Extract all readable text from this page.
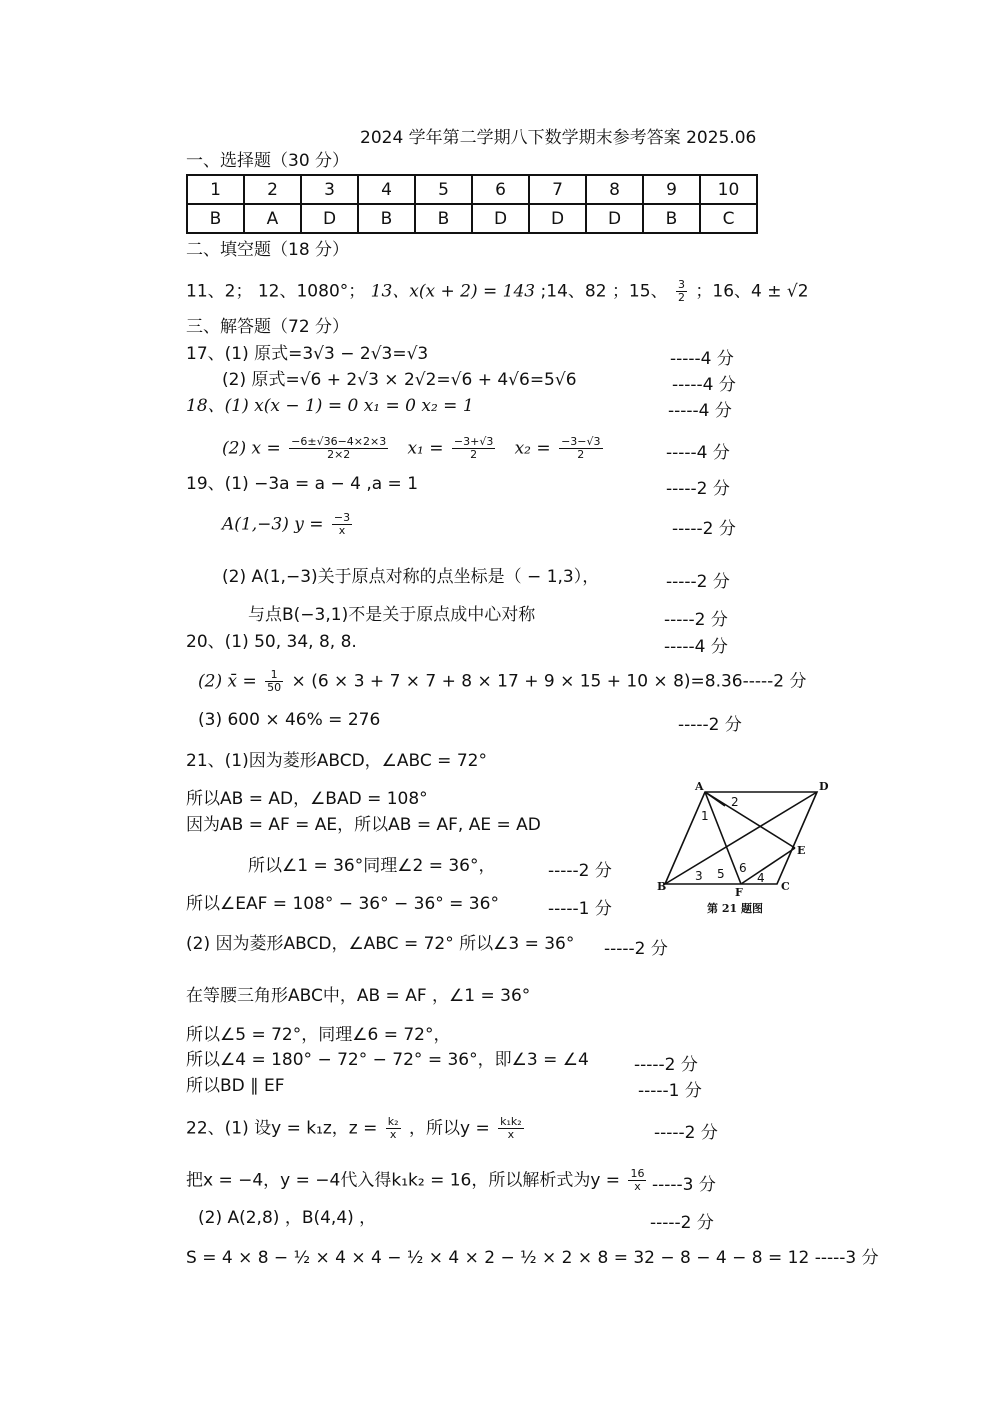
2024 学年第二学期八下数学期末参考答案 2025.06
一、选择题（30 分）
1	2	3	4	5	6	7	8	9	10
B	A	D	B	B	D	D	D	B	C
二、填空题（18 分）
11、2； 12、1080°； 13、x(x + 2) = 143 ;14、82 ；15、 $\frac{3}{2}$ ；16、4 ± √2
三、解答题（72 分）
17、(1) 原式=3√3 − 2√3=√3	-----4 分
(2) 原式=√6 + 2√3 × 2√2=√6 + 4√6=5√6	-----4 分
18、(1) x(x − 1) = 0 x₁ = 0 x₂ = 1	-----4 分
(2) $x = \frac{-6\pm√36-4\times 2\times 3}{2\times 2} x_1 = \frac{-3+√3}{2} x_2 = \frac{-3-√3}{2}$	-----4 分
19、(1) −3a = a − 4 ,a = 1	-----2 分
A(1,−3) $y = \frac{-3}{x}$	-----2 分
(2) A(1,−3)关于原点对称的点坐标是（ − 1,3），	-----2 分
与点B(−3,1)不是关于原点成中心对称	-----2 分
20、(1) 50, 34, 8, 8.	-----4 分
(2) x̄ = $\frac{1}{50} \times (6 \times 3 + 7 \times 7 + 8 \times 17 + 9 \times 15 + 10 \times 8)=8.36-----2$ 分
(3) 600 × 46% = 276	-----2 分
21、(1)因为菱形ABCD，∠ABC = 72°
所以AB = AD，∠BAD = 108°
因为AB = AF = AE，所以AB = AF, AE = AD
所以∠1 = 36°同理∠2 = 36°，	-----2 分
所以∠EAF = 108° − 36° − 36° = 36°	-----1 分
(2) 因为菱形ABCD，∠ABC = 72° 所以∠3 = 36° -----2 分
在等腰三角形ABC中，AB = AF ，∠1 = 36°
所以∠5 = 72°，同理∠6 = 72°，
所以∠4 = 180° − 72° − 72° = 36°，即∠3 = ∠4	-----2 分
所以BD ∥ EF	-----1 分
A	D
B	C
E
F
1
2
3	4
5 6
第 21 题图
22、(1) 设y = k₁z，$z = \frac{\text{k₂}}{x}$ ，所以$y = \frac{\text{k₁k₂}}{x}$	-----2 分
把x = −4，y = −4代入得k₁k₂ = 16，所以解析式为$y = \frac{16}{x} -----3$ 分
(2) A(2,8) ，B(4,4) ，	-----2 分
S = 4 × 8 − ½ × 4 × 4 − ½ × 4 × 2 − ½ × 2 × 8 = 32 − 8 − 4 − 8 = 12 -----3 分
